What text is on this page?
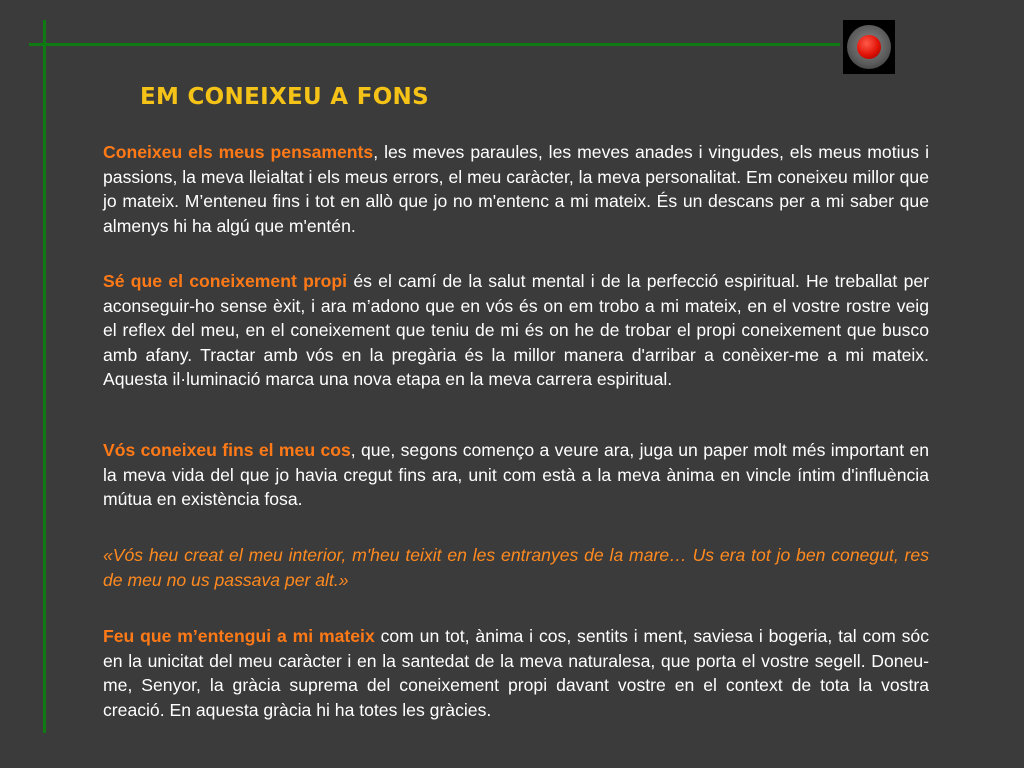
EM CONEIXEU A FONS

Coneixeu els meus pensaments, les meves paraules, les meves anades i vingudes, els meus motius i passions, la meva lleialtat i els meus errors, el meu caràcter, la meva personalitat. Em coneixeu millor que jo mateix. M’enteneu fins i tot en allò que jo no m'entenc a mi mateix. És un descans per a mi saber que almenys hi ha algú que m'entén.

Sé que el coneixement propi és el camí de la salut mental i de la perfecció espiritual. He treballat per aconseguir-ho sense èxit, i ara m’adono que en vós és on em trobo a mi mateix, en el vostre rostre veig el reflex del meu, en el coneixement que teniu de mi és on he de trobar el propi coneixement que busco amb afany. Tractar amb vós en la pregària és la millor manera d'arribar a conèixer-me a mi mateix. Aquesta il·luminació marca una nova etapa en la meva carrera espiritual.

Vós coneixeu fins el meu cos, que, segons començo a veure ara, juga un paper molt més important en la meva vida del que jo havia cregut fins ara, unit com està a la meva ànima en vincle íntim d'influència mútua en existència fosa.

«Vós heu creat el meu interior, m'heu teixit en les entranyes de la mare… Us era tot jo ben conegut, res de meu no us passava per alt.»

Feu que m’entengui a mi mateix com un tot, ànima i cos, sentits i ment, saviesa i bogeria, tal com sóc en la unicitat del meu caràcter i en la santedat de la meva naturalesa, que porta el vostre segell. Doneu-me, Senyor, la gràcia suprema del coneixement propi davant vostre en el context de tota la vostra creació. En aquesta gràcia hi ha totes les gràcies.
